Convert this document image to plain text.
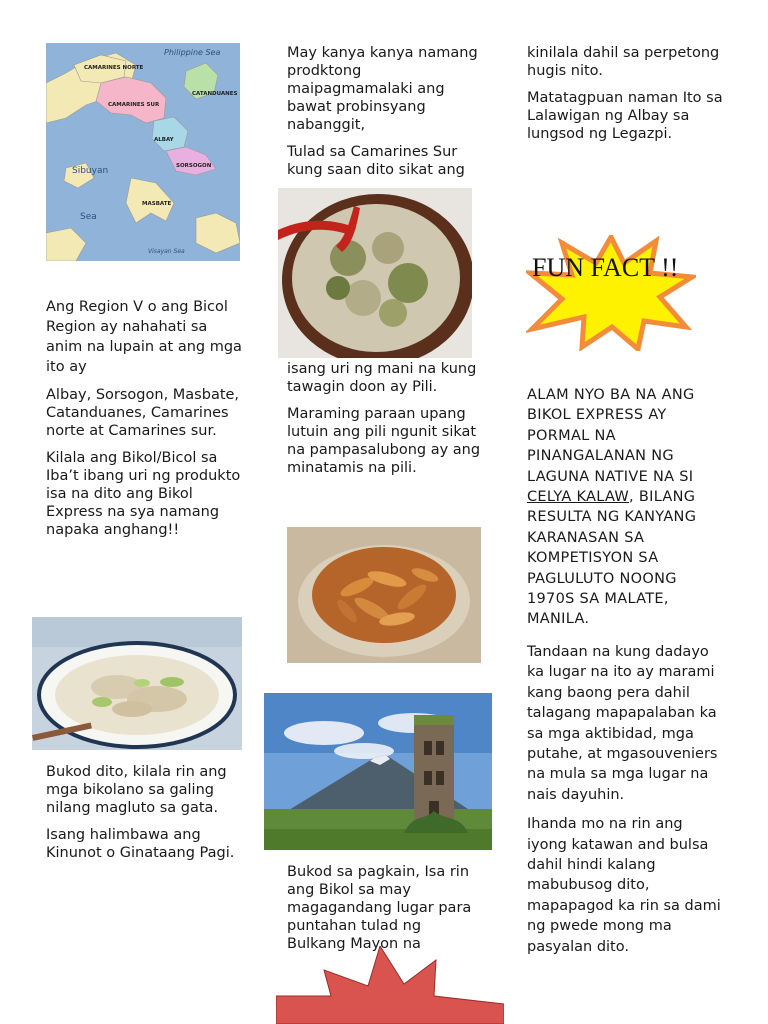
Philippine Sea
CAMARINES NORTE
CAMARINES SUR
CATANDUANES
ALBAY
SORSOGON
MASBATE
Sibuyan
Sea
Visayan Sea

Ang Region V o ang Bicol Region ay nahahati sa anim na lupain at ang mga ito ay

Albay, Sorsogon, Masbate, Catanduanes, Camarines norte at Camarines sur.

Kilala ang Bikol/Bicol sa Iba’t ibang uri ng produkto isa na dito ang Bikol Express na sya namang napaka anghang!!

Bukod dito, kilala rin ang mga bikolano sa galing nilang magluto sa gata.

Isang halimbawa ang Kinunot o Ginataang Pagi.

May kanya kanya namang prodktong maipagmamalaki ang bawat probinsyang nabanggit,

Tulad sa Camarines Sur kung saan dito sikat ang

isang uri ng mani na kung tawagin doon ay Pili.

Maraming paraan upang lutuin ang pili ngunit sikat na pampasalubong ay ang minatamis na pili.

Bukod sa pagkain, Isa rin ang Bikol sa may magagandang lugar para puntahan tulad ng Bulkang Mayon na

kinilala dahil sa perpetong hugis nito.

Matatagpuan naman Ito sa Lalawigan ng Albay sa lungsod ng Legazpi.

FUN FACT !!

ALAM NYO BA NA ANG BIKOL EXPRESS AY PORMAL NA PINANGALANAN NG LAGUNA NATIVE NA SI CELYA KALAW, BILANG RESULTA NG KANYANG KARANASAN SA KOMPETISYON SA PAGLULUTO NOONG 1970S SA MALATE, MANILA.

Tandaan na kung dadayo ka lugar na ito ay marami kang baong pera dahil talagang mapapalaban ka sa mga aktibidad, mga putahe, at mgasouveniers na mula sa mga lugar na nais dayuhin.

Ihanda mo na rin ang iyong katawan and bulsa dahil hindi kalang mabubusog dito, mapapagod ka rin sa dami ng pwede mong ma pasyalan dito.
